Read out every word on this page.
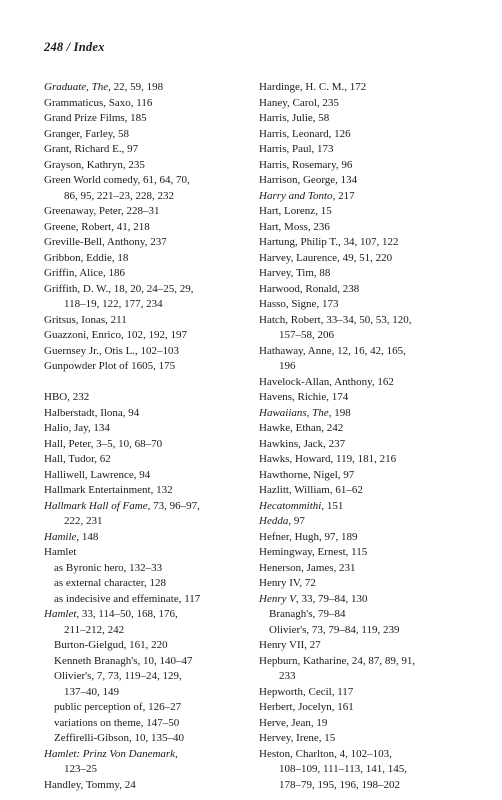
248 / Index
Graduate, The, 22, 59, 198
Grammaticus, Saxo, 116
Grand Prize Films, 185
Granger, Farley, 58
Grant, Richard E., 97
Grayson, Kathryn, 235
Green World comedy, 61, 64, 70,
86, 95, 221–23, 228, 232
Greenaway, Peter, 228–31
Greene, Robert, 41, 218
Greville-Bell, Anthony, 237
Gribbon, Eddie, 18
Griffin, Alice, 186
Griffith, D. W., 18, 20, 24–25, 29,
118–19, 122, 177, 234
Gritsus, Ionas, 211
Guazzoni, Enrico, 102, 192, 197
Guernsey Jr., Otis L., 102–103
Gunpowder Plot of 1605, 175
HBO, 232
Halberstadt, Ilona, 94
Halio, Jay, 134
Hall, Peter, 3–5, 10, 68–70
Hall, Tudor, 62
Halliwell, Lawrence, 94
Hallmark Entertainment, 132
Hallmark Hall of Fame, 73, 96–97,
222, 231
Hamile, 148
Hamlet
as Byronic hero, 132–33
as external character, 128
as indecisive and effeminate, 117
Hamlet, 33, 114–50, 168, 176,
211–212, 242
Burton-Gielgud, 161, 220
Kenneth Branagh's, 10, 140–47
Olivier's, 7, 73, 119–24, 129,
137–40, 149
public perception of, 126–27
variations on theme, 147–50
Zeffirelli-Gibson, 10, 135–40
Hamlet: Prinz Von Danemark,
123–25
Handley, Tommy, 24
Hardinge, H. C. M., 172
Haney, Carol, 235
Harris, Julie, 58
Harris, Leonard, 126
Harris, Paul, 173
Harris, Rosemary, 96
Harrison, George, 134
Harry and Tonto, 217
Hart, Lorenz, 15
Hart, Moss, 236
Hartung, Philip T., 34, 107, 122
Harvey, Laurence, 49, 51, 220
Harvey, Tim, 88
Harwood, Ronald, 238
Hasso, Signe, 173
Hatch, Robert, 33–34, 50, 53, 120,
157–58, 206
Hathaway, Anne, 12, 16, 42, 165,
196
Havelock-Allan, Anthony, 162
Havens, Richie, 174
Hawaiians, The, 198
Hawke, Ethan, 242
Hawkins, Jack, 237
Hawks, Howard, 119, 181, 216
Hawthorne, Nigel, 97
Hazlitt, William, 61–62
Hecatommithi, 151
Hedda, 97
Hefner, Hugh, 97, 189
Hemingway, Ernest, 115
Henerson, James, 231
Henry IV, 72
Henry V, 33, 79–84, 130
Branagh's, 79–84
Olivier's, 73, 79–84, 119, 239
Henry VII, 27
Hepburn, Katharine, 24, 87, 89, 91,
233
Hepworth, Cecil, 117
Herbert, Jocelyn, 161
Herve, Jean, 19
Hervey, Irene, 15
Heston, Charlton, 4, 102–103,
108–109, 111–113, 141, 145,
178–79, 195, 196, 198–202
